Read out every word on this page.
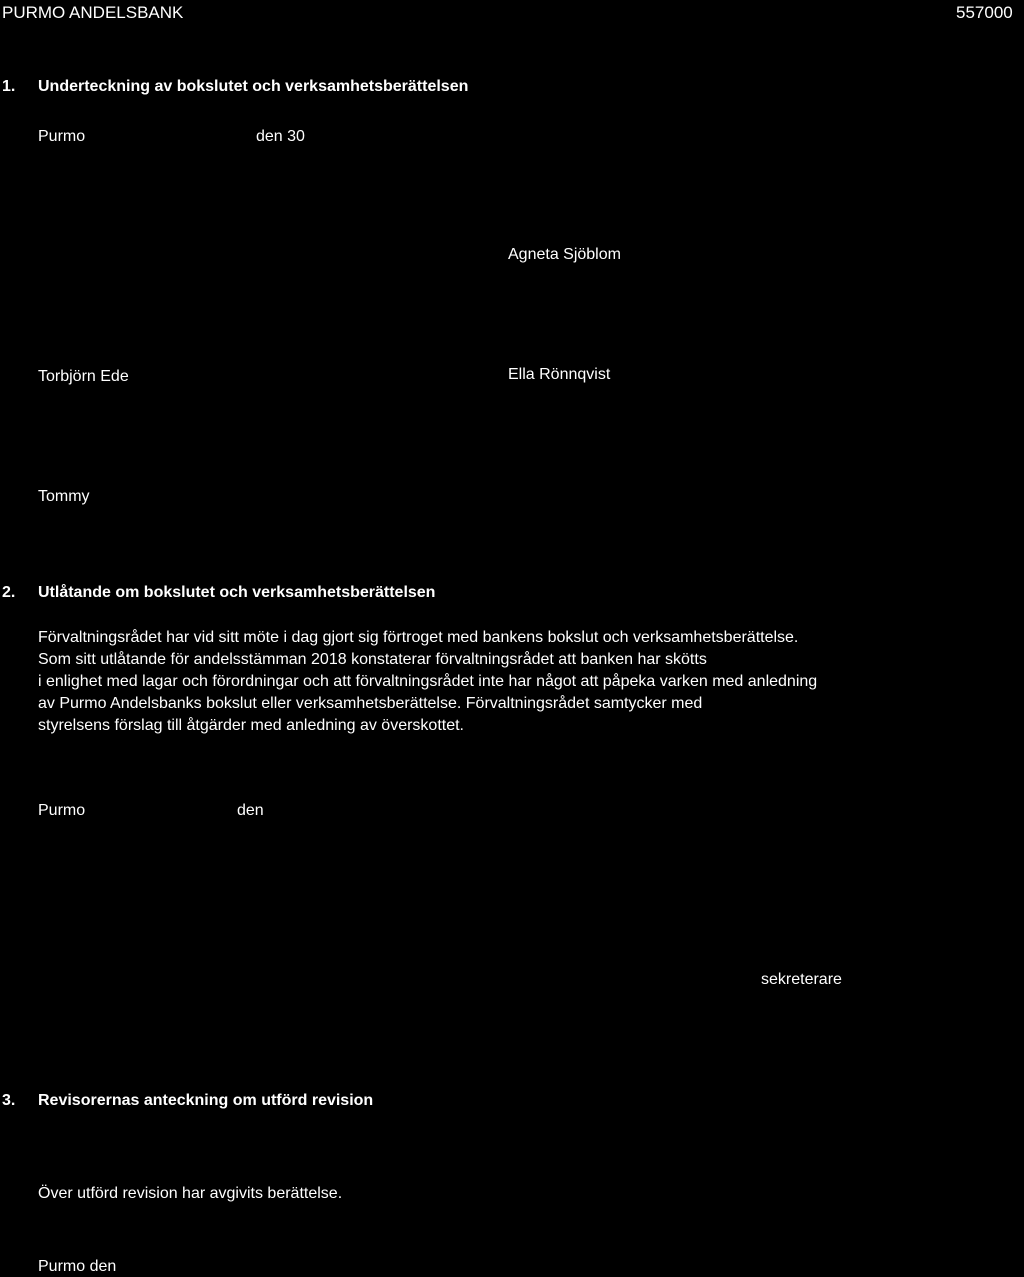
PURMO ANDELSBANK	557000
1. Underteckning av bokslutet och verksamhetsberättelsen
Purmo	den 30
Agneta Sjöblom
Torbjörn Ede	Ella Rönnqvist
Tommy
2. Utlåtande om bokslutet och verksamhetsberättelsen
Förvaltningsrådet har vid sitt möte i dag gjort sig förtroget med bankens bokslut och verksamhetsberättelse.
Som sitt utlåtande för andelsstämman 2018 konstaterar förvaltningsrådet att banken har skötts
i enlighet med lagar och förordningar och att förvaltningsrådet inte har något att påpeka varken med anledning
av Purmo Andelsbanks bokslut eller verksamhetsberättelse. Förvaltningsrådet samtycker med
styrelsens förslag till åtgärder med anledning av överskottet.
Purmo	den
sekreterare
3. Revisorernas anteckning om utförd revision
Över utförd revision har avgivits berättelse.
Purmo den
